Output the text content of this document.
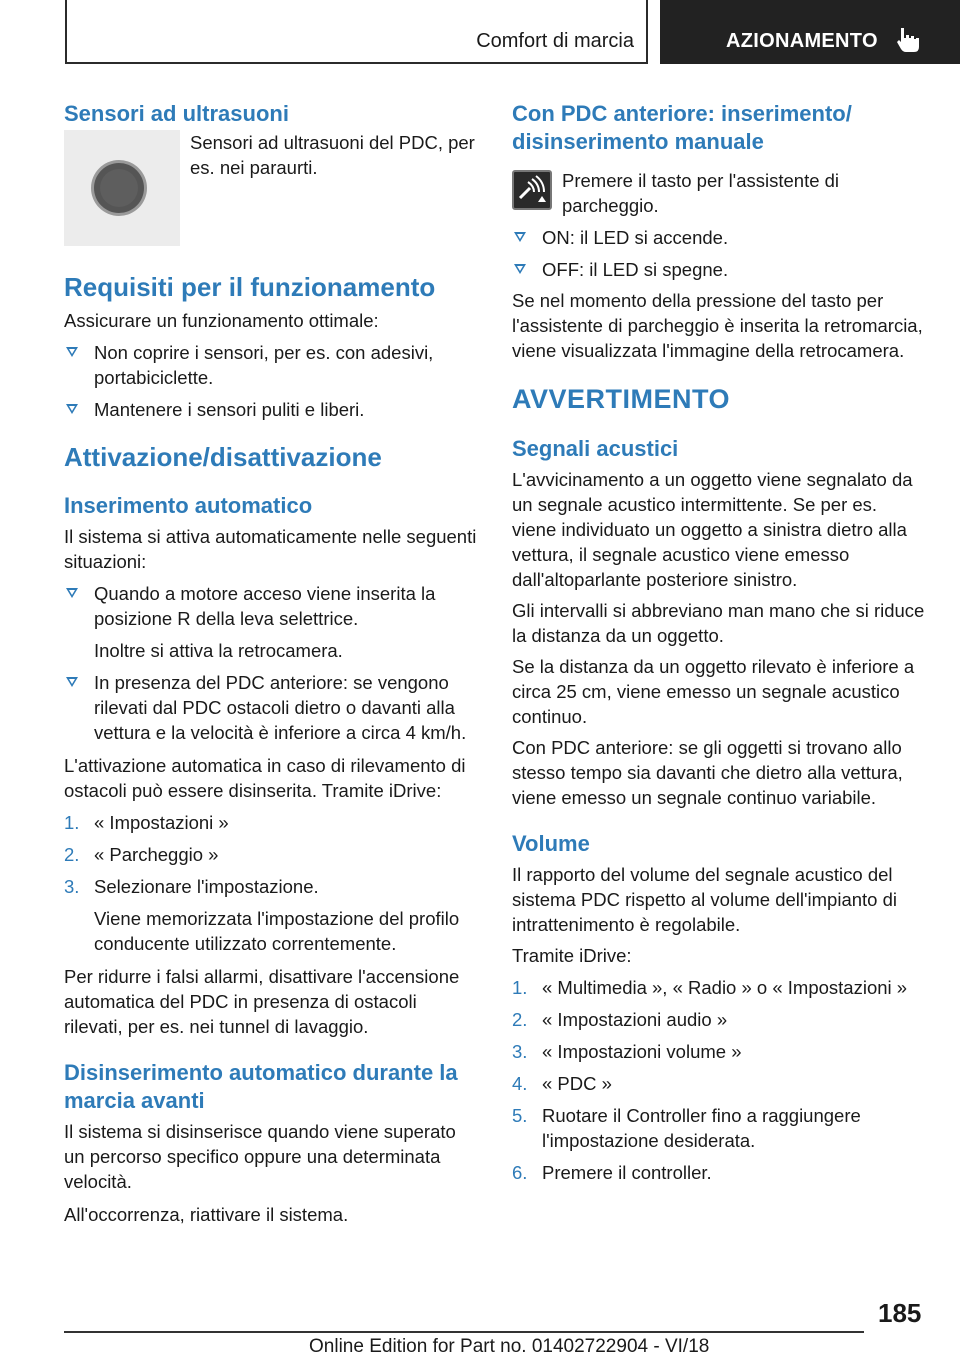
Comfort di marcia	AZIONAMENTO
Sensori ad ultrasuoni

Sensori ad ultrasuoni del PDC, per es. nei paraurti.

Requisiti per il funzionamento

Assicurare un funzionamento ottimale:

Non coprire i sensori, per es. con adesivi, portabiciclette.
Mantenere i sensori puliti e liberi.
Attivazione/disattivazione
Inserimento automatico

Il sistema si attiva automaticamente nelle seguenti situazioni:

Quando a motore acceso viene inserita la posizione R della leva selettrice.
Inoltre si attiva la retrocamera.
In presenza del PDC anteriore: se vengono rilevati dal PDC ostacoli dietro o davanti alla vettura e la velocità è inferiore a circa 4 km/h.

L'attivazione automatica in caso di rilevamento di ostacoli può essere disinserita. Tramite iDrive:

1. « Impostazioni »
2. « Parcheggio »
3. Selezionare l'impostazione.
Viene memorizzata l'impostazione del profilo conducente utilizzato correntemente.

Per ridurre i falsi allarmi, disattivare l'accensione automatica del PDC in presenza di ostacoli rilevati, per es. nei tunnel di lavaggio.

Disinserimento automatico durante la marcia avanti

Il sistema si disinserisce quando viene superato un percorso specifico oppure una determinata velocità.

All'occorrenza, riattivare il sistema.

Con PDC anteriore: inserimento/ disinserimento manuale

Premere il tasto per l'assistente di parcheggio.

ON: il LED si accende.
OFF: il LED si spegne.

Se nel momento della pressione del tasto per l'assistente di parcheggio è inserita la retromarcia, viene visualizzata l'immagine della retrocamera.

AVVERTIMENTO
Segnali acustici

L'avvicinamento a un oggetto viene segnalato da un segnale acustico intermittente. Se per es. viene individuato un oggetto a sinistra dietro alla vettura, il segnale acustico viene emesso dall'altoparlante posteriore sinistro.

Gli intervalli si abbreviano man mano che si riduce la distanza da un oggetto.

Se la distanza da un oggetto rilevato è inferiore a circa 25 cm, viene emesso un segnale acustico continuo.

Con PDC anteriore: se gli oggetti si trovano allo stesso tempo sia davanti che dietro alla vettura, viene emesso un segnale continuo variabile.

Volume

Il rapporto del volume del segnale acustico del sistema PDC rispetto al volume dell'impianto di intrattenimento è regolabile.

Tramite iDrive:

1. « Multimedia », « Radio » o « Impostazioni »
2. « Impostazioni audio »
3. « Impostazioni volume »
4. « PDC »
5. Ruotare il Controller fino a raggiungere l'impostazione desiderata.
6. Premere il controller.
185
Online Edition for Part no. 01402722904 - VI/18
